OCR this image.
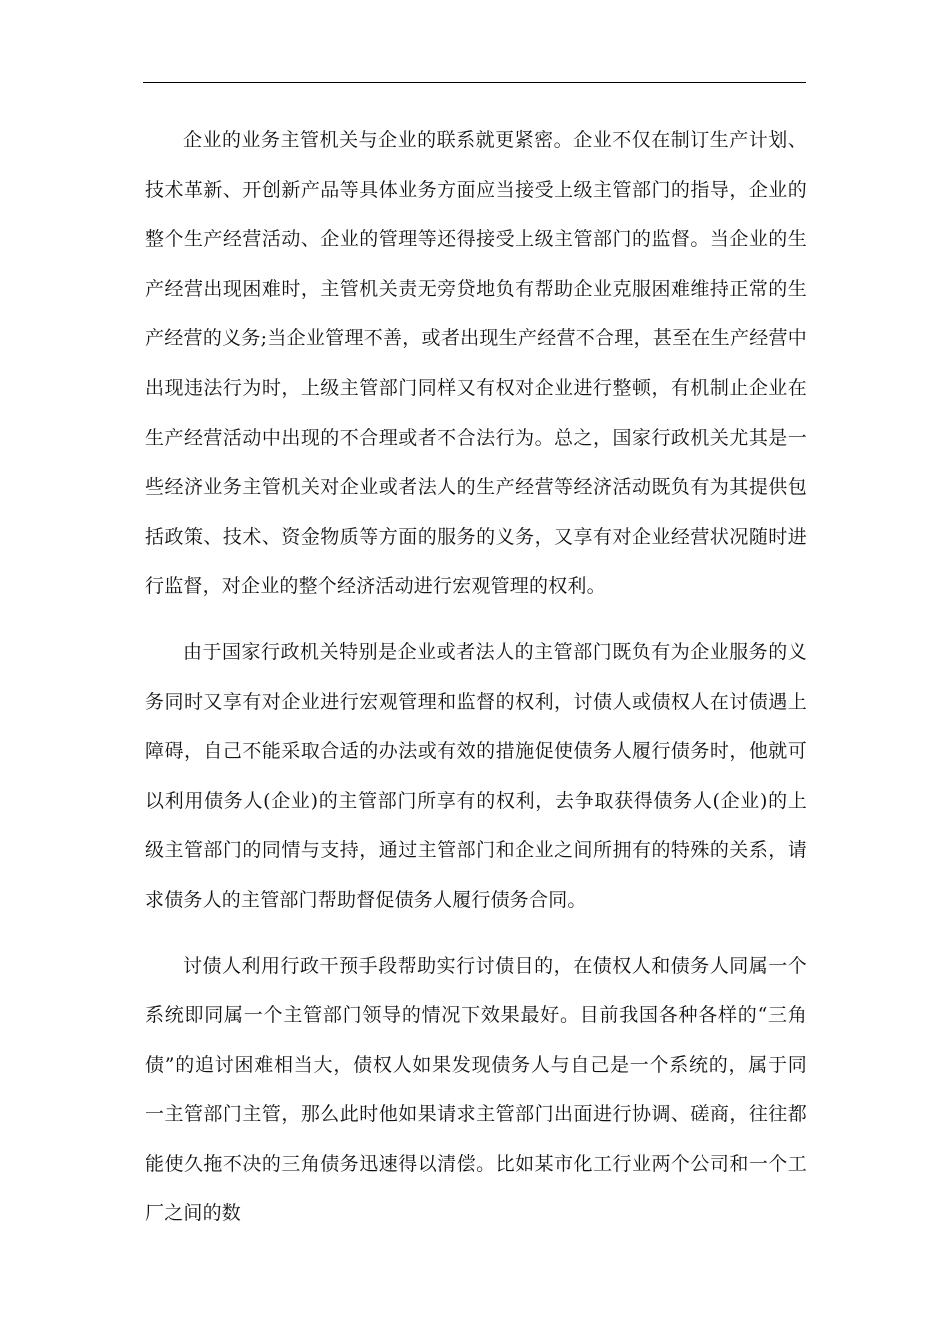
企业的业务主管机关与企业的联系就更紧密。企业不仅在制订生产计划、技术革新、开创新产品等具体业务方面应当接受上级主管部门的指导，企业的整个生产经营活动、企业的管理等还得接受上级主管部门的监督。当企业的生产经营出现困难时，主管机关责无旁贷地负有帮助企业克服困难维持正常的生产经营的义务;当企业管理不善，或者出现生产经营不合理，甚至在生产经营中出现违法行为时，上级主管部门同样又有权对企业进行整顿，有机制止企业在生产经营活动中出现的不合理或者不合法行为。总之，国家行政机关尤其是一些经济业务主管机关对企业或者法人的生产经营等经济活动既负有为其提供包括政策、技术、资金物质等方面的服务的义务，又享有对企业经营状况随时进行监督，对企业的整个经济活动进行宏观管理的权利。

由于国家行政机关特别是企业或者法人的主管部门既负有为企业服务的义务同时又享有对企业进行宏观管理和监督的权利，讨债人或债权人在讨债遇上障碍，自己不能采取合适的办法或有效的措施促使债务人履行债务时，他就可以利用债务人(企业)的主管部门所享有的权利，去争取获得债务人(企业)的上级主管部门的同情与支持，通过主管部门和企业之间所拥有的特殊的关系，请求债务人的主管部门帮助督促债务人履行债务合同。

讨债人利用行政干预手段帮助实行讨债目的，在债权人和债务人同属一个系统即同属一个主管部门领导的情况下效果最好。目前我国各种各样的“三角债”的追讨困难相当大，债权人如果发现债务人与自己是一个系统的，属于同一主管部门主管，那么此时他如果请求主管部门出面进行协调、磋商，往往都能使久拖不决的三角债务迅速得以清偿。比如某市化工行业两个公司和一个工厂之间的数
